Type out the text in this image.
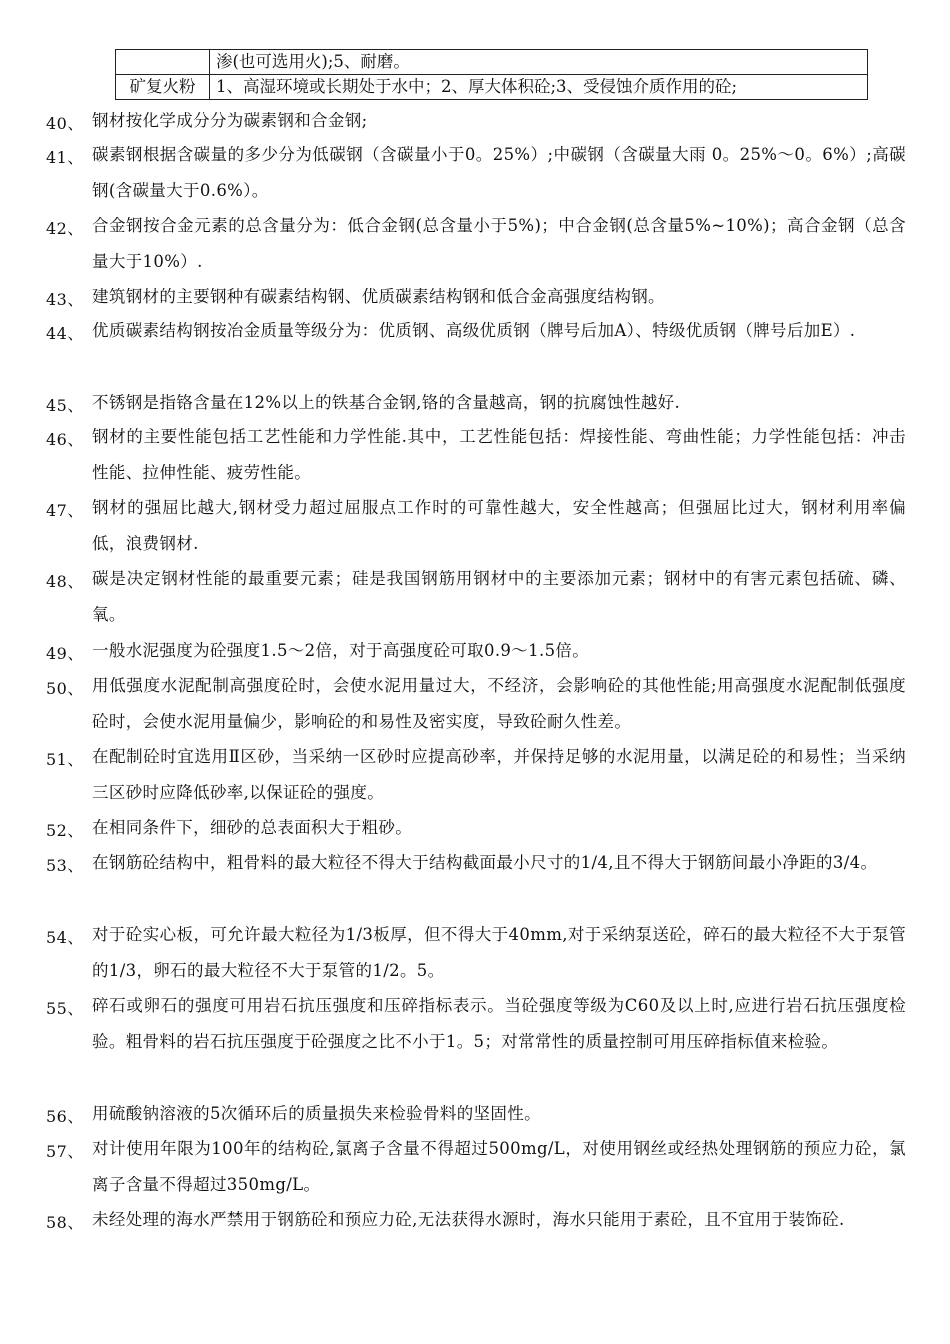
	渗(也可选用火);5、耐磨。
矿复火粉	1、高湿环境或长期处于水中；2、厚大体积砼;3、受侵蚀介质作用的砼;
40、 钢材按化学成分分为碳素钢和合金钢;
41、 碳素钢根据含碳量的多少分为低碳钢（含碳量小于0。25%）;中碳钢（含碳量大雨 0。25%～0。6%）;高碳钢(含碳量大于0.6%）。
42、 合金钢按合金元素的总含量分为：低合金钢(总含量小于5%)；中合金钢(总含量5%~10%)；高合金钢（总含量大于10%）.
43、 建筑钢材的主要钢种有碳素结构钢、优质碳素结构钢和低合金高强度结构钢。
44、 优质碳素结构钢按冶金质量等级分为：优质钢、高级优质钢（牌号后加A）、特级优质钢（牌号后加E）.
45、 不锈钢是指铬含量在12%以上的铁基合金钢,铬的含量越高，钢的抗腐蚀性越好.
46、 钢材的主要性能包括工艺性能和力学性能.其中，工艺性能包括：焊接性能、弯曲性能；力学性能包括：冲击性能、拉伸性能、疲劳性能。
47、 钢材的强屈比越大,钢材受力超过屈服点工作时的可靠性越大，安全性越高；但强屈比过大，钢材利用率偏低，浪费钢材.
48、 碳是决定钢材性能的最重要元素；硅是我国钢筋用钢材中的主要添加元素；钢材中的有害元素包括硫、磷、氧。
49、 一般水泥强度为砼强度1.5～2倍，对于高强度砼可取0.9～1.5倍。
50、 用低强度水泥配制高强度砼时，会使水泥用量过大，不经济，会影响砼的其他性能;用高强度水泥配制低强度砼时，会使水泥用量偏少，影响砼的和易性及密实度，导致砼耐久性差。
51、 在配制砼时宜选用Ⅱ区砂，当采纳一区砂时应提高砂率，并保持足够的水泥用量，以满足砼的和易性；当采纳三区砂时应降低砂率,以保证砼的强度。
52、 在相同条件下，细砂的总表面积大于粗砂。
53、 在钢筋砼结构中，粗骨料的最大粒径不得大于结构截面最小尺寸的1/4,且不得大于钢筋间最小净距的3/4。
54、 对于砼实心板，可允许最大粒径为1/3板厚，但不得大于40mm,对于采纳泵送砼，碎石的最大粒径不大于泵管的1/3，卵石的最大粒径不大于泵管的1/2。5。
55、 碎石或卵石的强度可用岩石抗压强度和压碎指标表示。当砼强度等级为C60及以上时,应进行岩石抗压强度检验。粗骨料的岩石抗压强度于砼强度之比不小于1。5；对常常性的质量控制可用压碎指标值来检验。
56、 用硫酸钠溶液的5次循环后的质量损失来检验骨料的坚固性。
57、 对计使用年限为100年的结构砼,氯离子含量不得超过500mg/L，对使用钢丝或经热处理钢筋的预应力砼，氯离子含量不得超过350mg/L。
58、 未经处理的海水严禁用于钢筋砼和预应力砼,无法获得水源时，海水只能用于素砼，且不宜用于装饰砼.
